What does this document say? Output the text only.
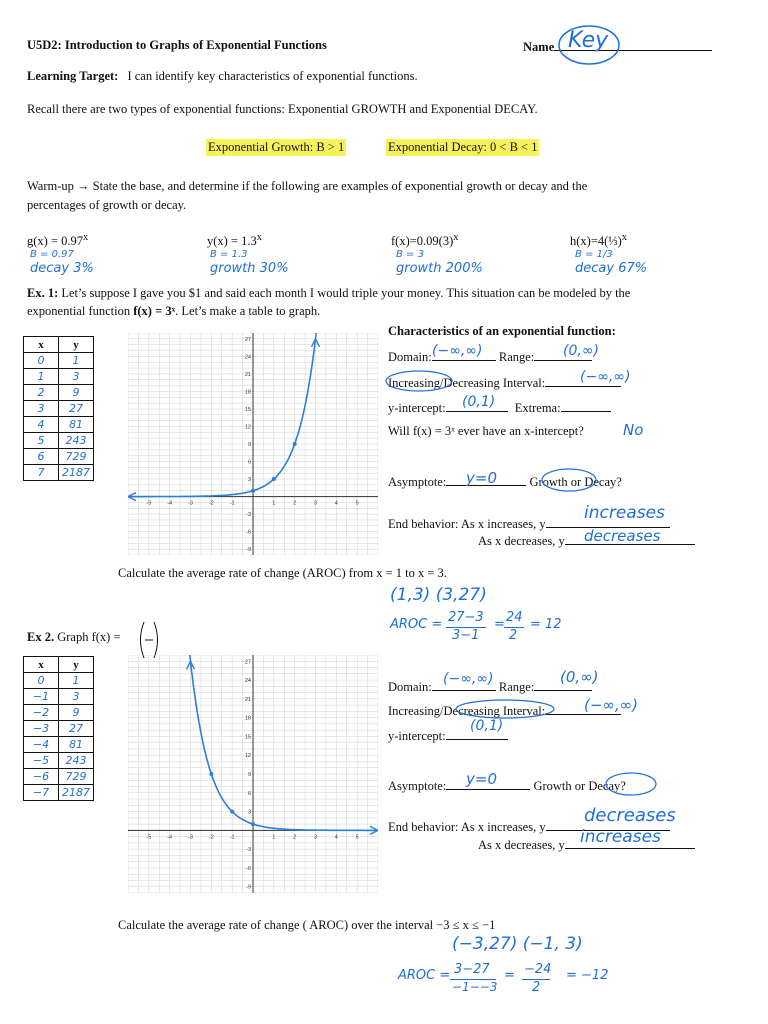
U5D2: Introduction to Graphs of Exponential Functions	Name Key
Learning Target: I can identify key characteristics of exponential functions.
Recall there are two types of exponential functions: Exponential GROWTH and Exponential DECAY.
Exponential Growth: B > 1	Exponential Decay: 0 < B < 1
Warm-up → State the base, and determine if the following are examples of exponential growth or decay and the
percentages of growth or decay.
$g(x) = 0.97^x$
B = 0.97
decay 3%
$y(x) = 1.3^x$
B = 1.3
growth 30%
$f(x)=0.09(3)^x$
B = 3
growth 200%
h(x)=4(⅓)$^x$
B = 1/3
decay 67%
Ex. 1: Let’s suppose I gave you $1 and said each month I would triple your money. This situation can be modeled by the
exponential function f(x) = 3ˣ. Let’s make a table to graph.
x	y
0	1
1	3
2	9
3	27
4	81
5	243
6	729
7	2187
-5	-4	-3	-2	-1	1	2	3	4	5
27
24
21
18
15
12
9
6
3
-3
-6
-9
Characteristics of an exponential function:
Domain:	Range:
(−∞,∞)	(0,∞)
Increasing/Decreasing Interval:	(−∞,∞)
y-intercept:	Extrema:
(0,1)
Will f(x) = 3ˣ ever have an x-intercept?	No
Asymptote:	Growth or Decay?
y=0
End behavior: As x increases, y
increases
As x decreases, y	decreases
Calculate the average rate of change (AROC) from x = 1 to x = 3.
(1,3) (3,27)
AROC = 27−3
3−1
= 24
2
= 12
Ex 2. Graph f(x) =
x	y
0	1
−1	3
−2	9
−3	27
−4	81
−5	243
−6	729
−7	2187
-5	-4	-3	-2	-1	1	2	3	4	5
27
24
21
18
15
12
9
6
3
-3
-6
-9
Domain:	Range:
(−∞,∞)	(0,∞)
Increasing/Decreasing Interval:	(−∞,∞)
y-intercept:
(0,1)
Asymptote:	Growth or Decay?
y=0
End behavior: As x increases, y
decreases
As x decreases, y increases
Calculate the average rate of change ( AROC) over the interval −3 ≤ x ≤ −1
(−3,27) (−1, 3)
AROC = 3−27
−1−−3
= −24
2
= −12
